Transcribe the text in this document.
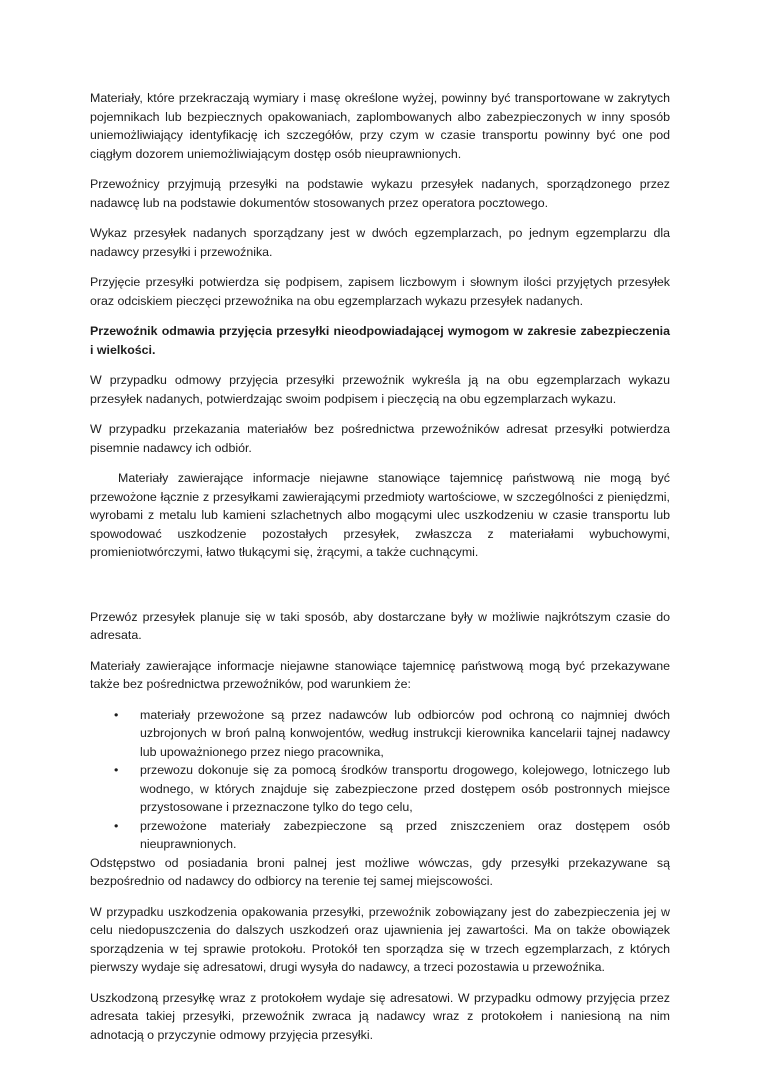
Materiały, które przekraczają wymiary i masę określone wyżej, powinny być transportowane w zakrytych pojemnikach lub bezpiecznych opakowaniach, zaplombowanych albo zabezpieczonych w inny sposób uniemożliwiający identyfikację ich szczegółów, przy czym w czasie transportu powinny być one pod ciągłym dozorem uniemożliwiającym dostęp osób nieuprawnionych.

Przewoźnicy przyjmują przesyłki na podstawie wykazu przesyłek nadanych, sporządzonego przez nadawcę lub na podstawie dokumentów stosowanych przez operatora pocztowego.

Wykaz przesyłek nadanych sporządzany jest w dwóch egzemplarzach, po jednym egzemplarzu dla nadawcy przesyłki i przewoźnika.

Przyjęcie przesyłki potwierdza się podpisem, zapisem liczbowym i słownym ilości przyjętych przesyłek oraz odciskiem pieczęci przewoźnika na obu egzemplarzach wykazu przesyłek nadanych.

Przewoźnik odmawia przyjęcia przesyłki nieodpowiadającej wymogom w zakresie zabezpieczenia i wielkości.

W przypadku odmowy przyjęcia przesyłki przewoźnik wykreśla ją na obu egzemplarzach wykazu przesyłek nadanych, potwierdzając swoim podpisem i pieczęcią na obu egzemplarzach wykazu.

W przypadku przekazania materiałów bez pośrednictwa przewoźników adresat przesyłki potwierdza pisemnie nadawcy ich odbiór.

Materiały zawierające informacje niejawne stanowiące tajemnicę państwową nie mogą być przewożone łącznie z przesyłkami zawierającymi przedmioty wartościowe, w szczególności z pieniędzmi, wyrobami z metalu lub kamieni szlachetnych albo mogącymi ulec uszkodzeniu w czasie transportu lub spowodować uszkodzenie pozostałych przesyłek, zwłaszcza z materiałami wybuchowymi, promieniotwórczymi, łatwo tłukącymi się, żrącymi, a także cuchnącymi.

Przewóz przesyłek planuje się w taki sposób, aby dostarczane były w możliwie najkrótszym czasie do adresata.

Materiały zawierające informacje niejawne stanowiące tajemnicę państwową mogą być przekazywane także bez pośrednictwa przewoźników, pod warunkiem że:

• materiały przewożone są przez nadawców lub odbiorców pod ochroną co najmniej dwóch uzbrojonych w broń palną konwojentów, według instrukcji kierownika kancelarii tajnej nadawcy lub upoważnionego przez niego pracownika,
• przewozu dokonuje się za pomocą środków transportu drogowego, kolejowego, lotniczego lub wodnego, w których znajduje się zabezpieczone przed dostępem osób postronnych miejsce przystosowane i przeznaczone tylko do tego celu,
• przewożone materiały zabezpieczone są przed zniszczeniem oraz dostępem osób nieuprawnionych.

Odstępstwo od posiadania broni palnej jest możliwe wówczas, gdy przesyłki przekazywane są bezpośrednio od nadawcy do odbiorcy na terenie tej samej miejscowości.

W przypadku uszkodzenia opakowania przesyłki, przewoźnik zobowiązany jest do zabezpieczenia jej w celu niedopuszczenia do dalszych uszkodzeń oraz ujawnienia jej zawartości. Ma on także obowiązek sporządzenia w tej sprawie protokołu. Protokół ten sporządza się w trzech egzemplarzach, z których pierwszy wydaje się adresatowi, drugi wysyła do nadawcy, a trzeci pozostawia u przewoźnika.

Uszkodzoną przesyłkę wraz z protokołem wydaje się adresatowi. W przypadku odmowy przyjęcia przez adresata takiej przesyłki, przewoźnik zwraca ją nadawcy wraz z protokołem i naniesioną na nim adnotacją o przyczynie odmowy przyjęcia przesyłki.
